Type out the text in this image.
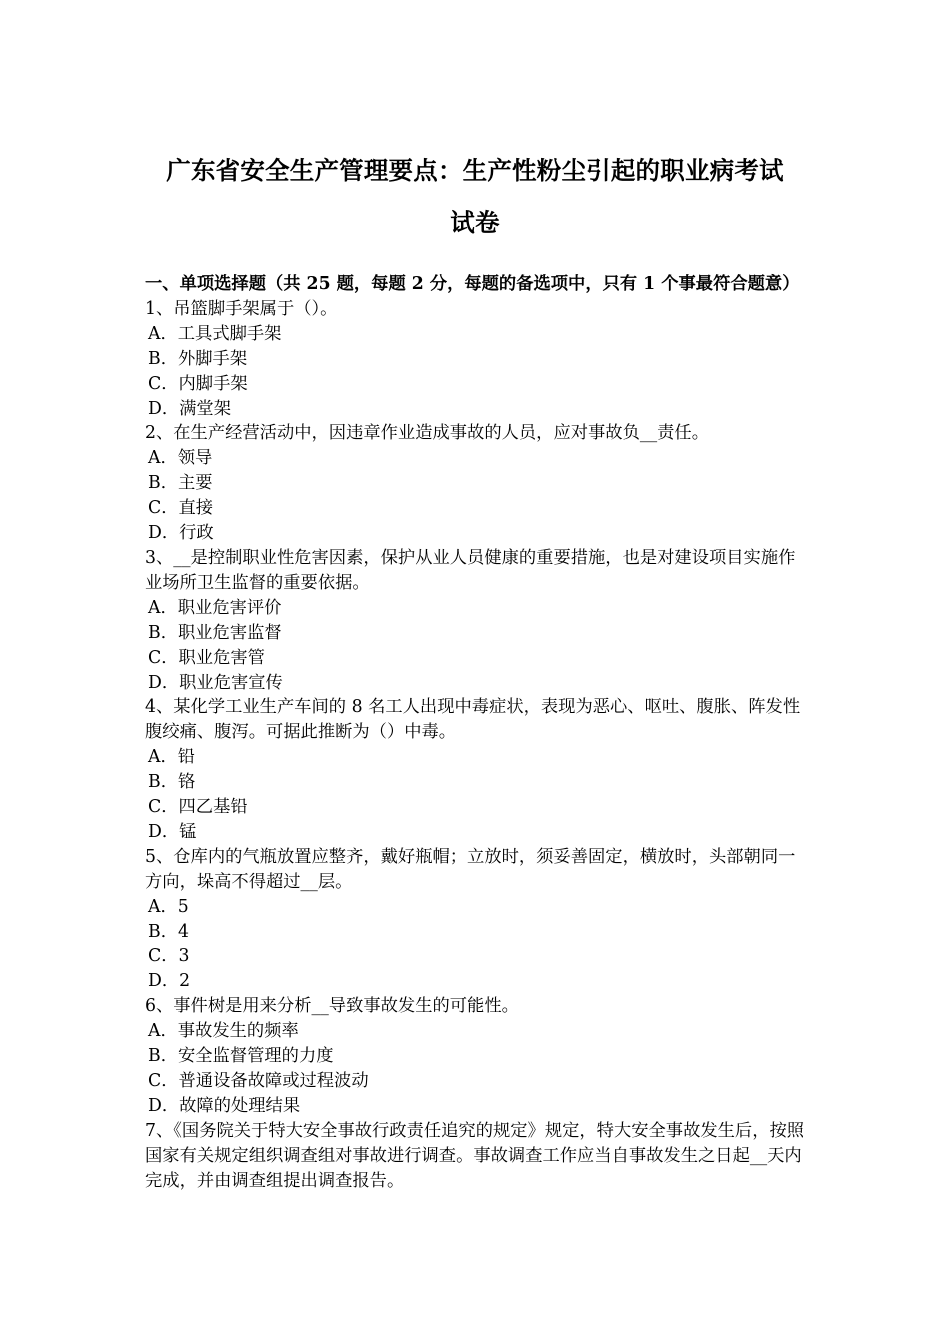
广东省安全生产管理要点：生产性粉尘引起的职业病考试
试卷

一、单项选择题（共 25 题，每题 2 分，每题的备选项中，只有 1 个事最符合题意）

1、吊篮脚手架属于（）。

A．工具式脚手架

B．外脚手架

C．内脚手架

D．满堂架

2、在生产经营活动中，因违章作业造成事故的人员，应对事故负__责任。

A．领导

B．主要

C．直接

D．行政

3、__是控制职业性危害因素，保护从业人员健康的重要措施，也是对建设项目实施作业场所卫生监督的重要依据。

A．职业危害评价

B．职业危害监督

C．职业危害管

D．职业危害宣传

4、某化学工业生产车间的 8 名工人出现中毒症状，表现为恶心、呕吐、腹胀、阵发性腹绞痛、腹泻。可据此推断为（）中毒。

A．铅

B．铬

C．四乙基铅

D．锰

5、仓库内的气瓶放置应整齐，戴好瓶帽；立放时，须妥善固定，横放时，头部朝同一方向，垛高不得超过__层。

A．5

B．4

C．3

D．2

6、事件树是用来分析__导致事故发生的可能性。

A．事故发生的频率

B．安全监督管理的力度

C．普通设备故障或过程波动

D．故障的处理结果

7、《国务院关于特大安全事故行政责任追究的规定》规定，特大安全事故发生后，按照国家有关规定组织调查组对事故进行调查。事故调查工作应当自事故发生之日起__天内完成，并由调查组提出调查报告。
